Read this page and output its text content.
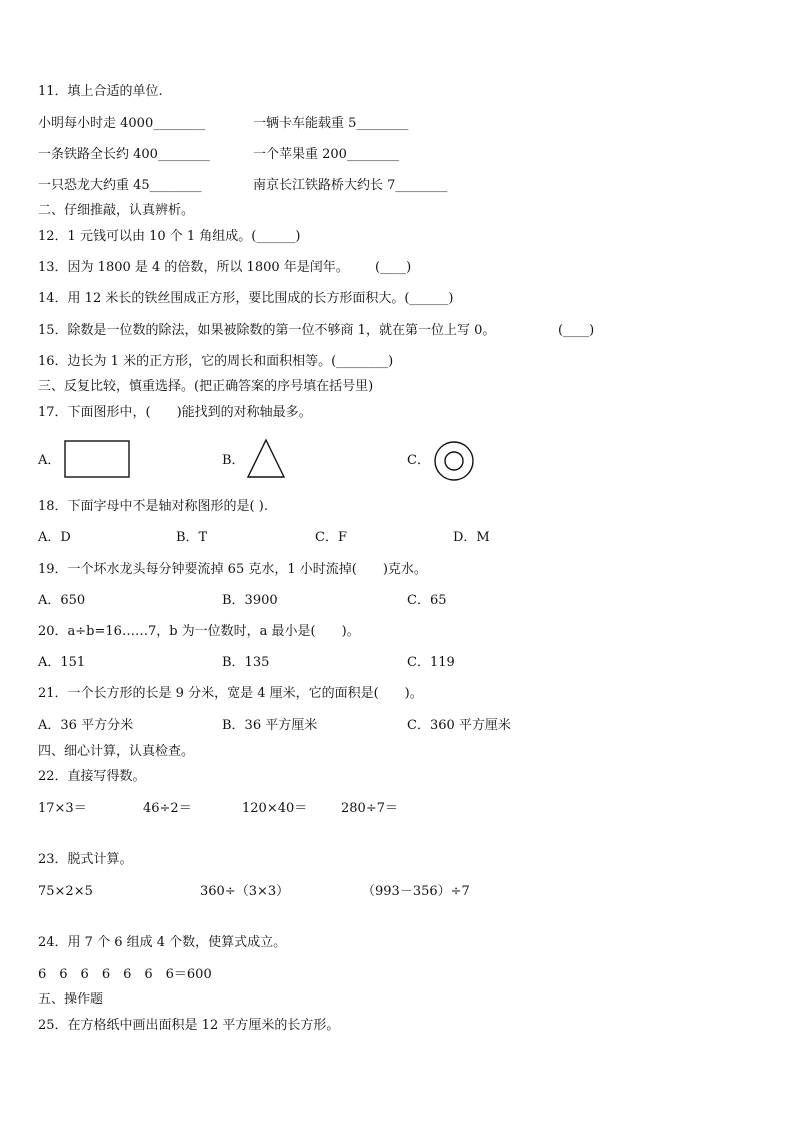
11．填上合适的单位.
小明每小时走 4000________	一辆卡车能载重 5________
一条铁路全长约 400________	一个苹果重 200________
一只恐龙大约重 45________	南京长江铁路桥大约长 7________
二、仔细推敲，认真辨析。
12．1 元钱可以由 10 个 1 角组成。(______)
13．因为 1800 是 4 的倍数，所以 1800 年是闰年。 (____)
14．用 12 米长的铁丝围成正方形，要比围成的长方形面积大。(______)
15．除数是一位数的除法，如果被除数的第一位不够商 1，就在第一位上写 0。	(____)
16．边长为 1 米的正方形，它的周长和面积相等。(________)
三、反复比较，慎重选择。(把正确答案的序号填在括号里)
17．下面图形中，(　　)能找到的对称轴最多。
A．	B．	C．
18．下面字母中不是轴对称图形的是( ).
A．D	B．T	C．F	D．M
19．一个坏水龙头每分钟要流掉 65 克水，1 小时流掉(　　)克水。
A．650	B．3900	C．65
20．a÷b=16……7，b 为一位数时，a 最小是(　　)。
A．151	B．135	C．119
21．一个长方形的长是 9 分米，宽是 4 厘米，它的面积是(　　)。
A．36 平方分米	B．36 平方厘米	C．360 平方厘米
四、细心计算，认真检查。
22．直接写得数。
17×3＝	46÷2＝	120×40＝	280÷7＝
23．脱式计算。
75×2×5	360÷（3×3）	（993－356）÷7
24．用 7 个 6 组成 4 个数，使算式成立。
6　6　6　6　6　6　6＝600
五、操作题
25．在方格纸中画出面积是 12 平方厘米的长方形。
